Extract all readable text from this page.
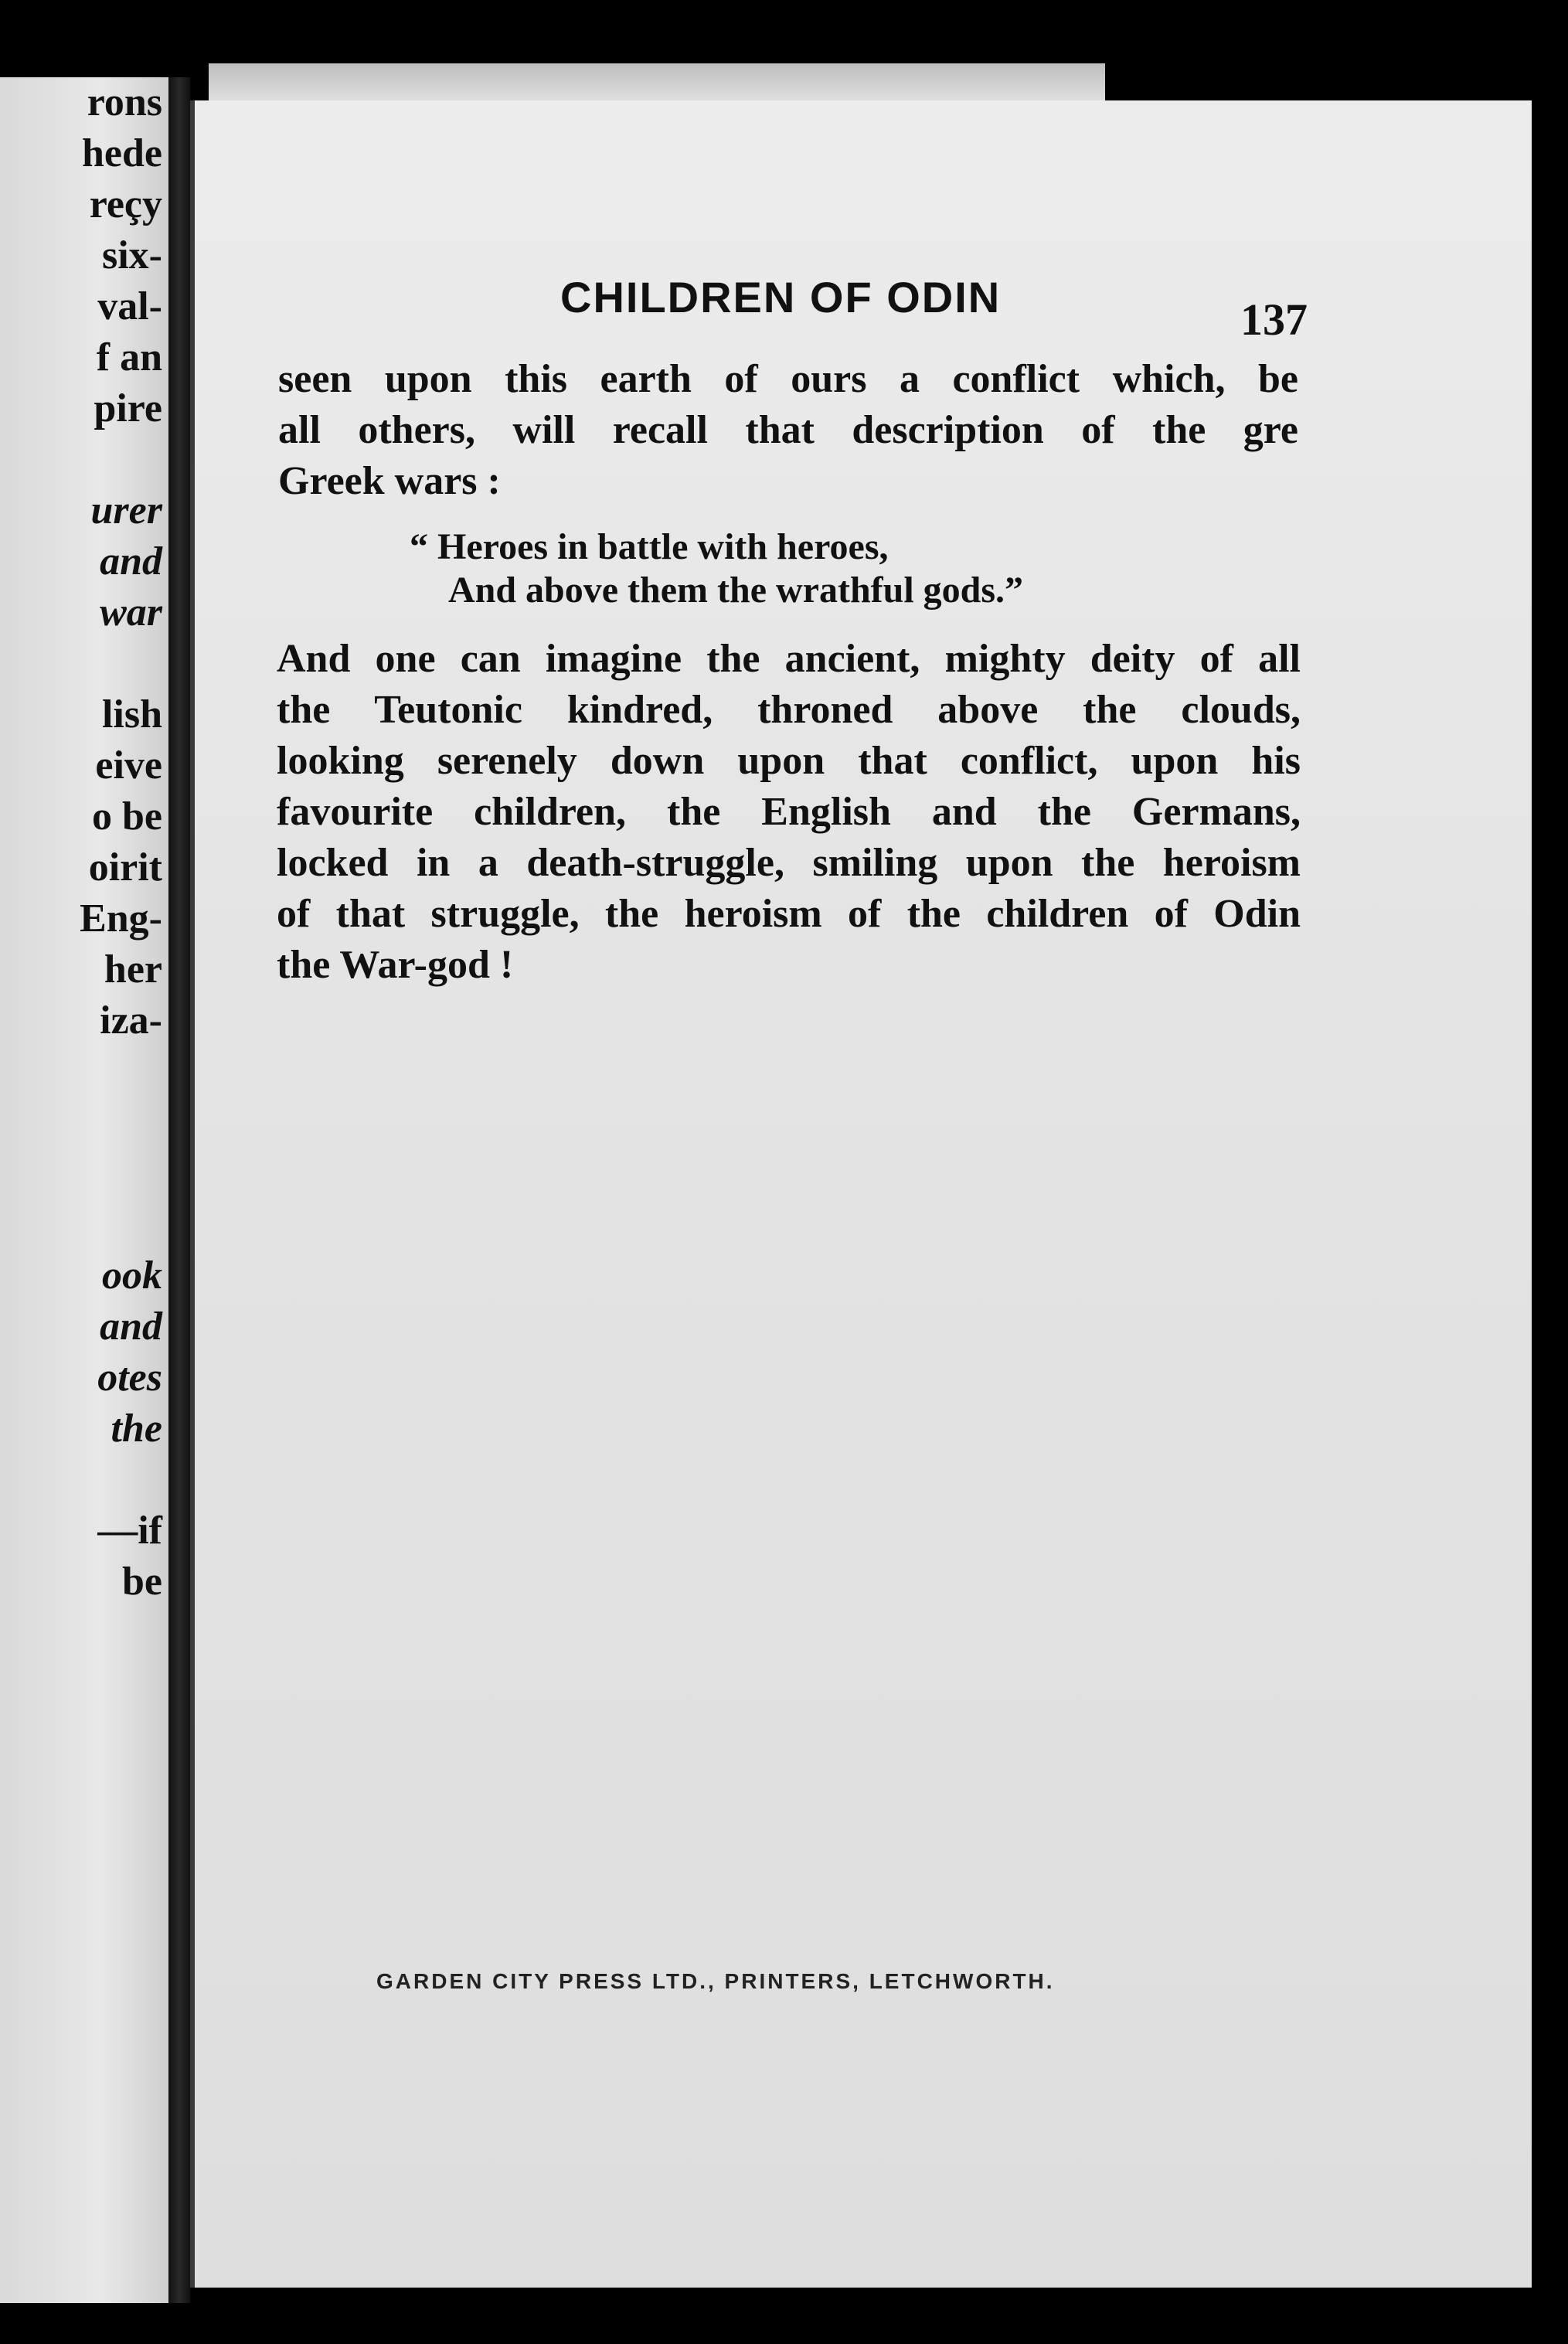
rons
hede
reçy
six-
val-
f an
pire
urer
and
war
lish
eive
o be
oirit
Eng-
her
iza-
ook
and
otes
the
—if
be
CHILDREN OF ODIN	137
seen upon this earth of ours a conflict which, be
all others, will recall that description of the gre
Greek wars :
“ Heroes in battle with heroes,
And above them the wrathful gods.”
And one can imagine the ancient, mighty deity of all
the Teutonic kindred, throned above the clouds,
looking serenely down upon that conflict, upon his
favourite children, the English and the Germans,
locked in a death-struggle, smiling upon the heroism
of that struggle, the heroism of the children of Odin
the War-god !
GARDEN CITY PRESS LTD., PRINTERS, LETCHWORTH.
